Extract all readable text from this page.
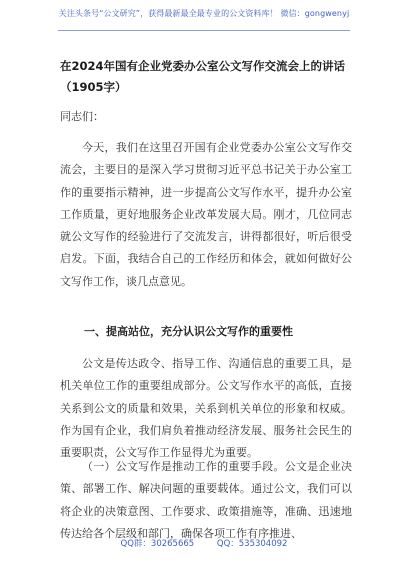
关注头条号“公文研究”，获得最新最全最专业的公文资料库！ 微信：gongwenyj
在2024年国有企业党委办公室公文写作交流会上的讲话（1905字）
同志们：

今天，我们在这里召开国有企业党委办公室公文写作交流会，主要目的是深入学习贯彻习近平总书记关于办公室工作的重要指示精神，进一步提高公文写作水平，提升办公室工作质量，更好地服务企业改革发展大局。刚才，几位同志就公文写作的经验进行了交流发言，讲得都很好，听后很受启发。下面，我结合自己的工作经历和体会，就如何做好公文写作工作，谈几点意见。

一、提高站位，充分认识公文写作的重要性

公文是传达政令、指导工作、沟通信息的重要工具，是机关单位工作的重要组成部分。公文写作水平的高低，直接关系到公文的质量和效果，关系到机关单位的形象和权威。作为国有企业，我们肩负着推动经济发展、服务社会民生的重要职责，公文写作工作显得尤为重要。

（一）公文写作是推动工作的重要手段。公文是企业决策、部署工作、解决问题的重要载体。通过公文，我们可以将企业的决策意图、工作要求、政策措施等，准确、迅速地传达给各个层级和部门，确保各项工作有序推进、

QQ群：30265665	QQ：535304092
